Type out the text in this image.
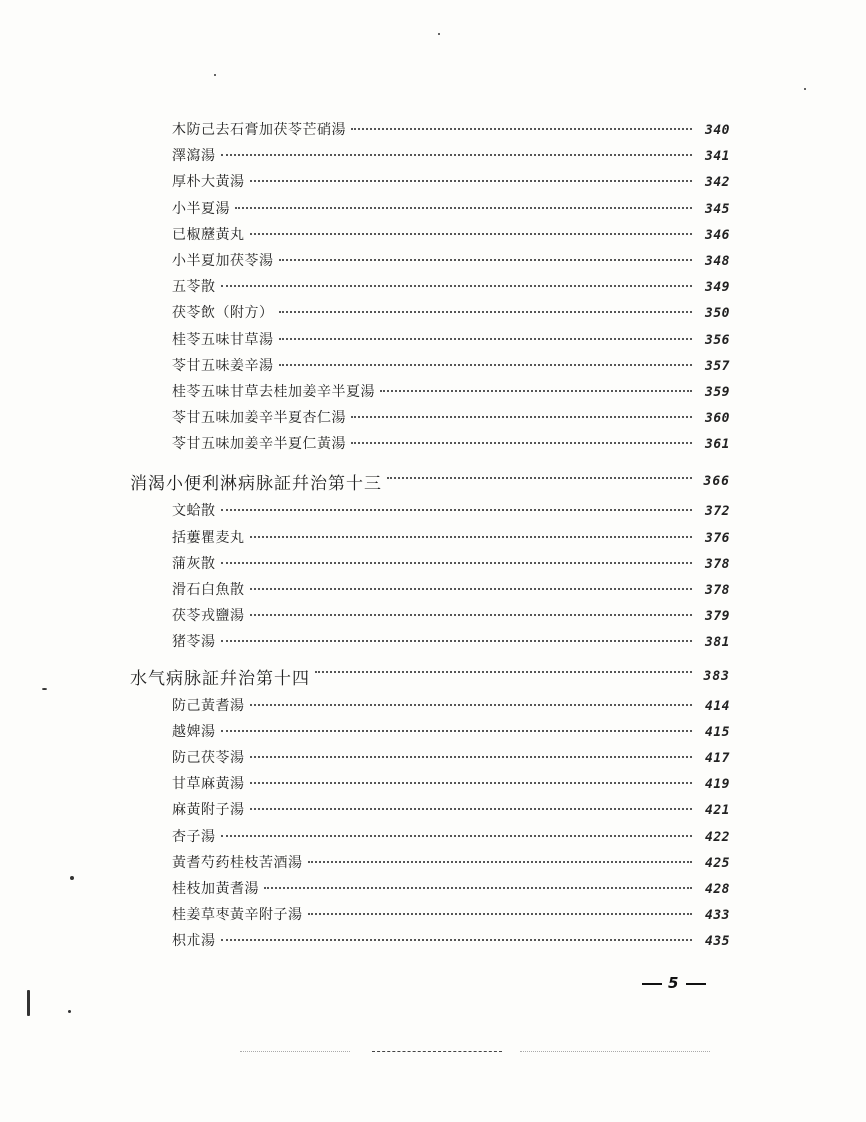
木防己去石膏加茯苓芒硝湯	340
澤瀉湯	341
厚朴大黃湯	342
小半夏湯	345
已椒藶黃丸	346
小半夏加茯苓湯	348
五苓散	349
茯苓飲（附方）	350
桂苓五味甘草湯	356
苓甘五味姜辛湯	357
桂苓五味甘草去桂加姜辛半夏湯	359
苓甘五味加姜辛半夏杏仁湯	360
苓甘五味加姜辛半夏仁黃湯	361
消渴小便利淋病脉証幷治第十三	366
文蛤散	372
括蔞瞿麦丸	376
蒲灰散	378
滑石白魚散	378
茯苓戎鹽湯	379
猪苓湯	381
水气病脉証幷治第十四	383
防己黃耆湯	414
越婢湯	415
防己茯苓湯	417
甘草麻黃湯	419
麻黃附子湯	421
杏子湯	422
黃耆芍药桂枝苦酒湯	425
桂枝加黃耆湯	428
桂姜草枣黃辛附子湯	433
枳朮湯	435
5
